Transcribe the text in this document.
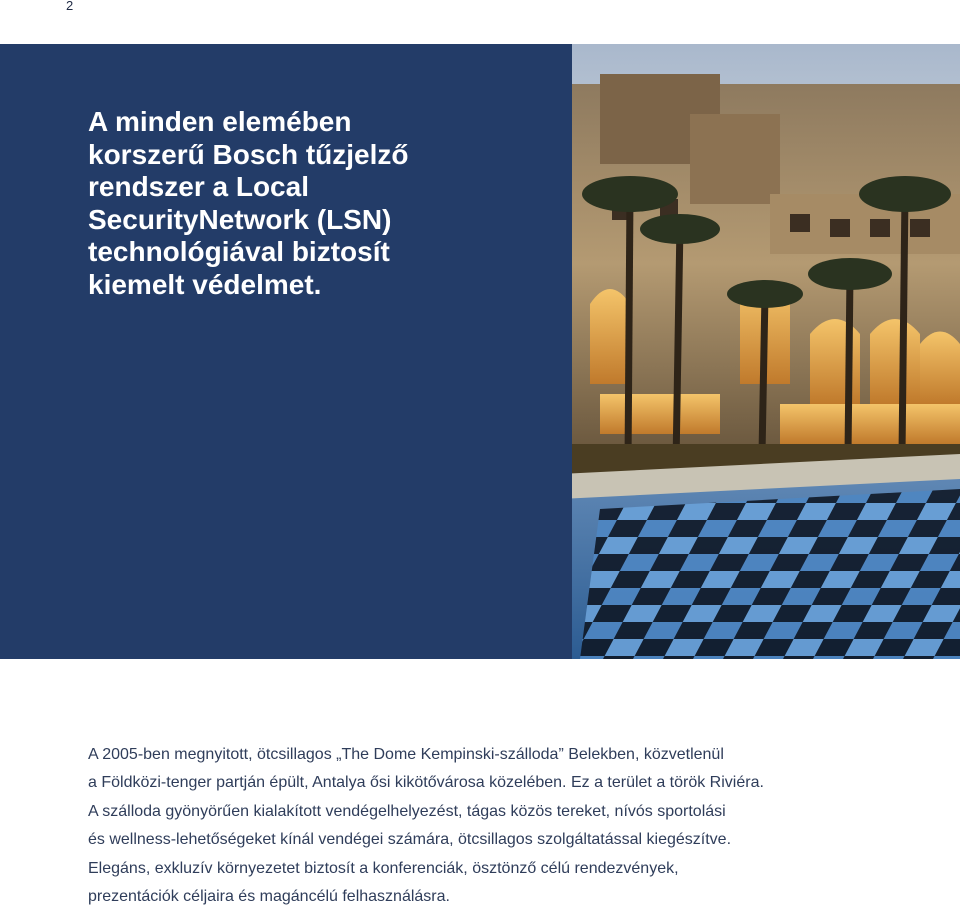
2
A minden elemében
korszerű Bosch tűzjelző
rendszer a Local
SecurityNetwork (LSN)
technológiával biztosít
kiemelt védelmet.

A 2005-ben megnyitott, ötcsillagos „The Dome Kempinski-szálloda” Belekben, közvetlenül
a Földközi-tenger partján épült, Antalya ősi kikötővárosa közelében. Ez a terület a török Riviéra.
A szálloda gyönyörűen kialakított vendégelhelyezést, tágas közös tereket, nívós sportolási
és wellness-lehetőségeket kínál vendégei számára, ötcsillagos szolgáltatással kiegészítve.
Elegáns, exkluzív környezetet biztosít a konferenciák, ösztönző célú rendezvények,
prezentációk céljaira és magáncélú felhasználásra.
